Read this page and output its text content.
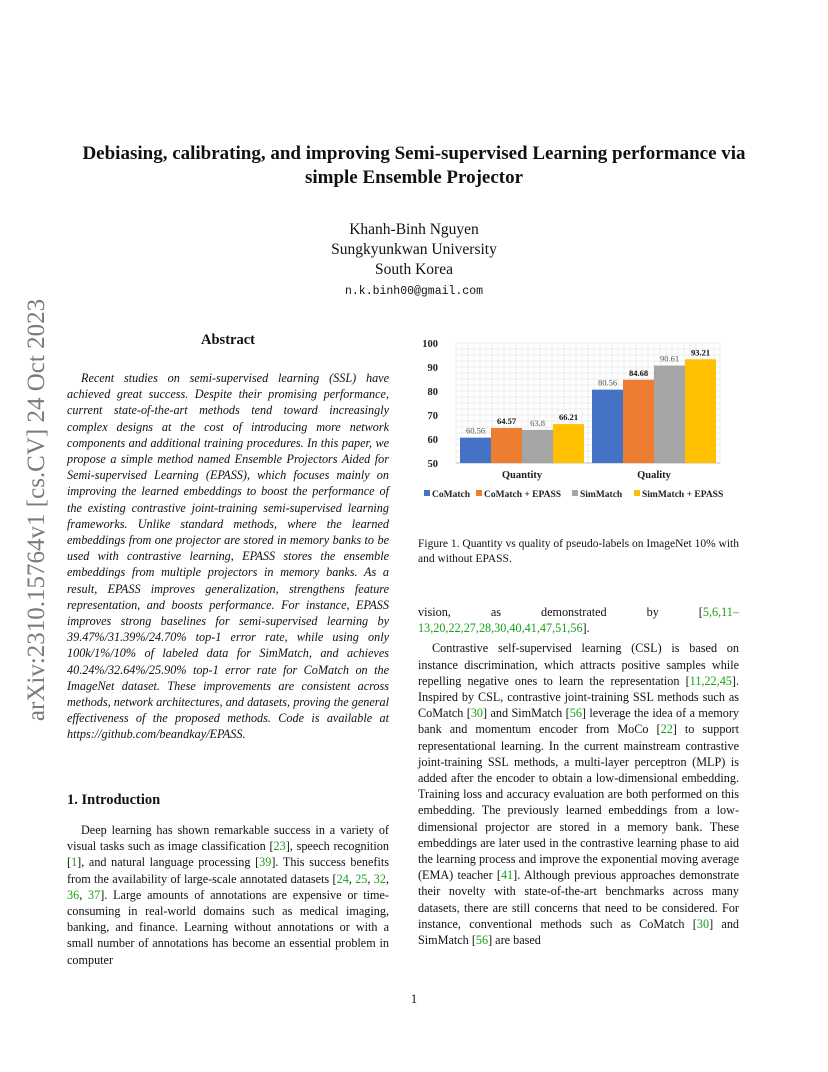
arXiv:2310.15764v1 [cs.CV] 24 Oct 2023
Debiasing, calibrating, and improving Semi-supervised Learning performance via simple Ensemble Projector
Khanh-Binh Nguyen
Sungkyunkwan University
South Korea
n.k.binh00@gmail.com
Abstract

Recent studies on semi-supervised learning (SSL) have achieved great success. Despite their promising performance, current state-of-the-art methods tend toward increasingly complex designs at the cost of introducing more network components and additional training procedures. In this paper, we propose a simple method named Ensemble Projectors Aided for Semi-supervised Learning (EPASS), which focuses mainly on improving the learned embeddings to boost the performance of the existing contrastive joint-training semi-supervised learning frameworks. Unlike standard methods, where the learned embeddings from one projector are stored in memory banks to be used with contrastive learning, EPASS stores the ensemble embeddings from multiple projectors in memory banks. As a result, EPASS improves generalization, strengthens feature representation, and boosts performance. For instance, EPASS improves strong baselines for semi-supervised learning by 39.47%/31.39%/24.70% top-1 error rate, while using only 100k/1%/10% of labeled data for SimMatch, and achieves 40.24%/32.64%/25.90% top-1 error rate for CoMatch on the ImageNet dataset. These improvements are consistent across methods, network architectures, and datasets, proving the general effectiveness of the proposed methods. Code is available at https://github.com/beandkay/EPASS.

1. Introduction

Deep learning has shown remarkable success in a variety of visual tasks such as image classification [23], speech recognition [1], and natural language processing [39]. This success benefits from the availability of large-scale annotated datasets [24, 25, 32, 36, 37]. Large amounts of annotations are expensive or time-consuming in real-world domains such as medical imaging, banking, and finance. Learning without annotations or with a small number of annotations has become an essential problem in computer

50
60
70
80
90
100
60.56
64.57 63.8
66.21
Quantity
80.56
84.68
90.61
93.21
Quality
CoMatch CoMatch + EPASS SimMatch SimMatch + EPASS
Figure 1. Quantity vs quality of pseudo-labels on ImageNet 10% with and without EPASS.

vision, as demonstrated by [5,6,11–13,20,22,27,28,30,40,41,47,51,56].

Contrastive self-supervised learning (CSL) is based on instance discrimination, which attracts positive samples while repelling negative ones to learn the representation [11,22,45]. Inspired by CSL, contrastive joint-training SSL methods such as CoMatch [30] and SimMatch [56] leverage the idea of a memory bank and momentum encoder from MoCo [22] to support representational learning. In the current mainstream contrastive joint-training SSL methods, a multi-layer perceptron (MLP) is added after the encoder to obtain a low-dimensional embedding. Training loss and accuracy evaluation are both performed on this embedding. The previously learned embeddings from a low-dimensional projector are stored in a memory bank. These embeddings are later used in the contrastive learning phase to aid the learning process and improve the exponential moving average (EMA) teacher [41]. Although previous approaches demonstrate their novelty with state-of-the-art benchmarks across many datasets, there are still concerns that need to be considered. For instance, conventional methods such as CoMatch [30] and SimMatch [56] are based

1
